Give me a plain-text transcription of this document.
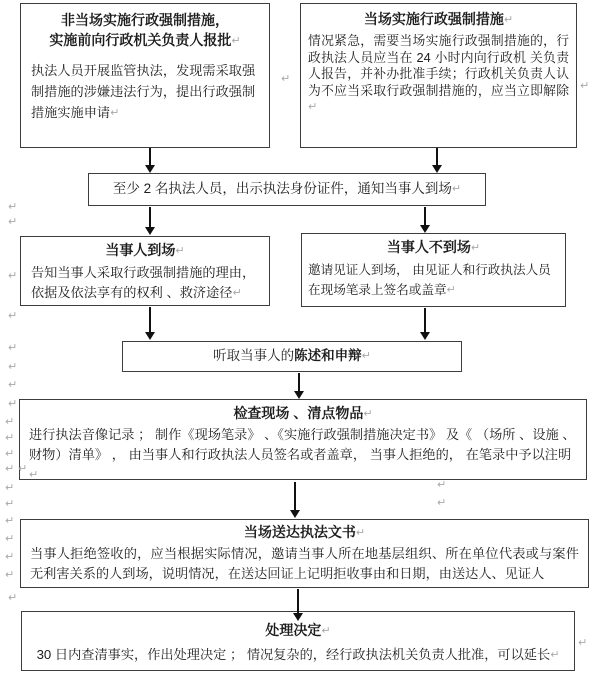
非当场实施行政强制措施，
实施前向行政机关负责人报批↵
执法人员开展监管执法，发现需采取强制措施的涉嫌违法行为，提出行政强制措施实施申请↵
当场实施行政强制措施↵
情况紧急，需要当场实施行政强制措施的，行政执法人员应当在 24 小时内向行政机 关负责人报告，并补办批准手续；行政机关负责人认为不应当采取行政强制措施的，应当立即解除↵
至少 2 名执法人员，出示执法身份证件，通知当事人到场↵
当事人到场↵
告知当事人采取行政强制措施的理由，依据及依法享有的权利 、救济途径↵
当事人不到场↵
邀请见证人到场， 由见证人和行政执法人员在现场笔录上签名或盖章↵
听取当事人的陈述和申辩↵
检查现场 、清点物品↵
进行执法音像记录 ； 制作《现场笔录》 、《实施行政强制措施决定书》 及《 （场所 、设施 、财物）清单》 ， 由当事人和行政执法人员签名或者盖章， 当事人拒绝的， 在笔录中予以注明↵
当场送达执法文书↵
当事人拒绝签收的，应当根据实际情况，邀请当事人所在地基层组织、所在单位代表或与案件无利害关系的人到场，说明情况，在送达回证上记明拒收事由和日期，由送达人、见证人
处理决定↵
30 日内查清事实，作出处理决定 ； 情况复杂的，经行政执法机关负责人批准，可以延长↵
↵
↵
↵
↵
↵
↵
↵
↵
↵
↵
↵
↵ ↵
↵
↵
↵
↵
↵
↵
↵
↵
↵
↵
↵
↵
